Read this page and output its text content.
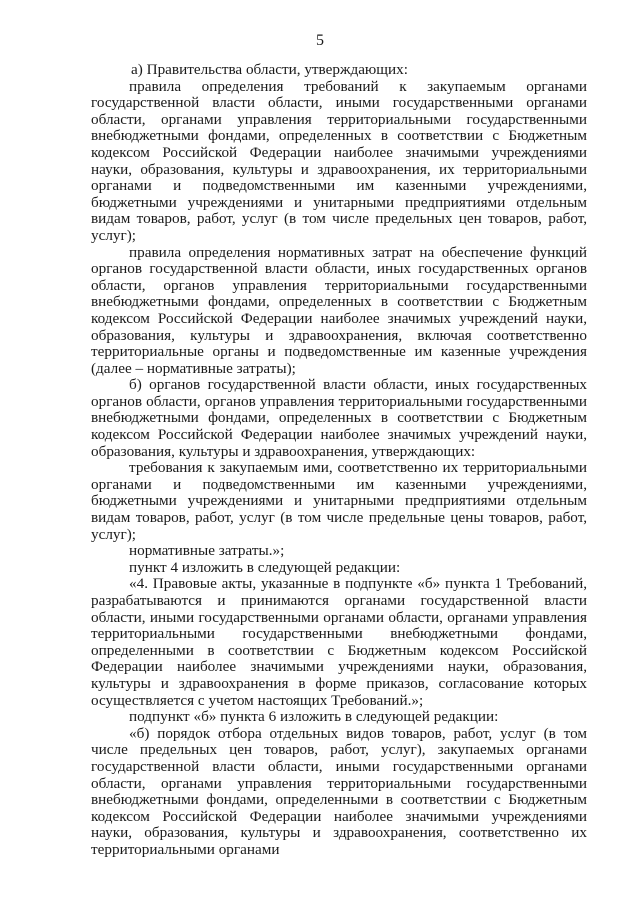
5

а) Правительства области, утверждающих:

правила определения требований к закупаемым органами государственной власти области, иными государственными органами области, органами управления территориальными государственными внебюджетными фондами, определенных в соответствии с Бюджетным кодексом Российской Федерации наиболее значимыми учреждениями науки, образования, культуры и здравоохранения, их территориальными органами и подведомственными им казенными учреждениями, бюджетными учреждениями и унитарными предприятиями отдельным видам товаров, работ, услуг (в том числе предельных цен товаров, работ, услуг);

правила определения нормативных затрат на обеспечение функций органов государственной власти области, иных государственных органов области, органов управления территориальными государственными внебюджетными фондами, определенных в соответствии с Бюджетным кодексом Российской Федерации наиболее значимых учреждений науки, образования, культуры и здравоохранения, включая соответственно территориальные органы и подведомственные им казенные учреждения (далее – нормативные затраты);

б) органов государственной власти области, иных государственных органов области, органов управления территориальными государственными внебюджетными фондами, определенных в соответствии с Бюджетным кодексом Российской Федерации наиболее значимых учреждений науки, образования, культуры и здравоохранения, утверждающих:

требования к закупаемым ими, соответственно их территориальными органами и подведомственными им казенными учреждениями, бюджетными учреждениями и унитарными предприятиями отдельным видам товаров, работ, услуг (в том числе предельные цены товаров, работ, услуг);

нормативные затраты.»;

пункт 4 изложить в следующей редакции:

«4. Правовые акты, указанные в подпункте «б» пункта 1 Требований, разрабатываются и принимаются органами государственной власти области, иными государственными органами области, органами управления территориальными государственными внебюджетными фондами, определенными в соответствии с Бюджетным кодексом Российской Федерации наиболее значимыми учреждениями науки, образования, культуры и здравоохранения в форме приказов, согласование которых осуществляется с учетом настоящих Требований.»;

подпункт «б» пункта 6 изложить в следующей редакции:

«б) порядок отбора отдельных видов товаров, работ, услуг (в том числе предельных цен товаров, работ, услуг), закупаемых органами государственной власти области, иными государственными органами области, органами управления территориальными государственными внебюджетными фондами, определенными в соответствии с Бюджетным кодексом Российской Федерации наиболее значимыми учреждениями науки, образования, культуры и здравоохранения, соответственно их территориальными органами
